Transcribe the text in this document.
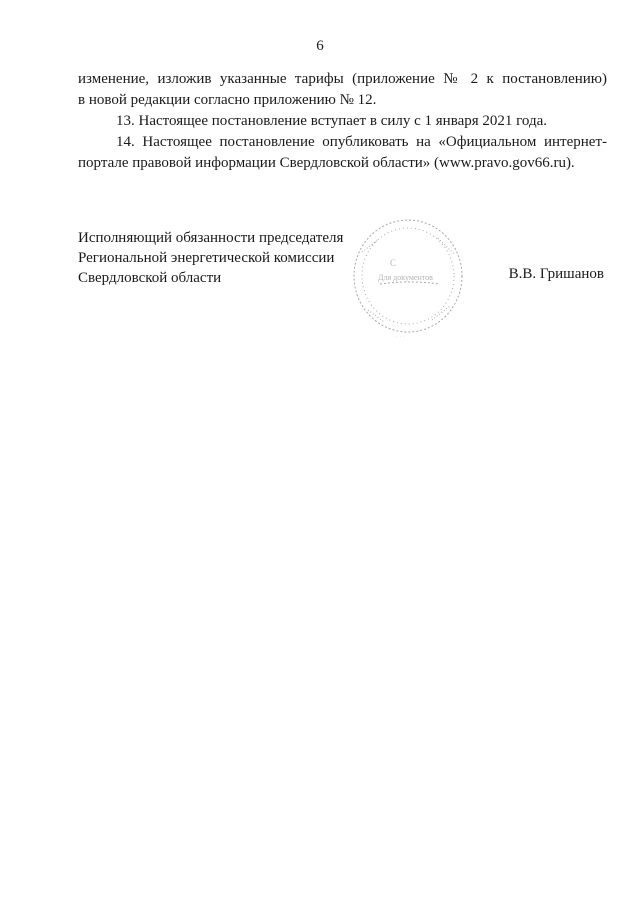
6

изменение, изложив указанные тарифы (приложение № 2 к постановлению)

в новой редакции согласно приложению № 12.

13. Настоящее постановление вступает в силу с 1 января 2021 года.

14. Настоящее постановление опубликовать на «Официальном интернет-портале правовой информации Свердловской области» (www.pravo.gov66.ru).

Исполняющий обязанности председателя
Региональной энергетической комиссии
Свердловской области
С
Для документов
· · ·
В.В. Гришанов
